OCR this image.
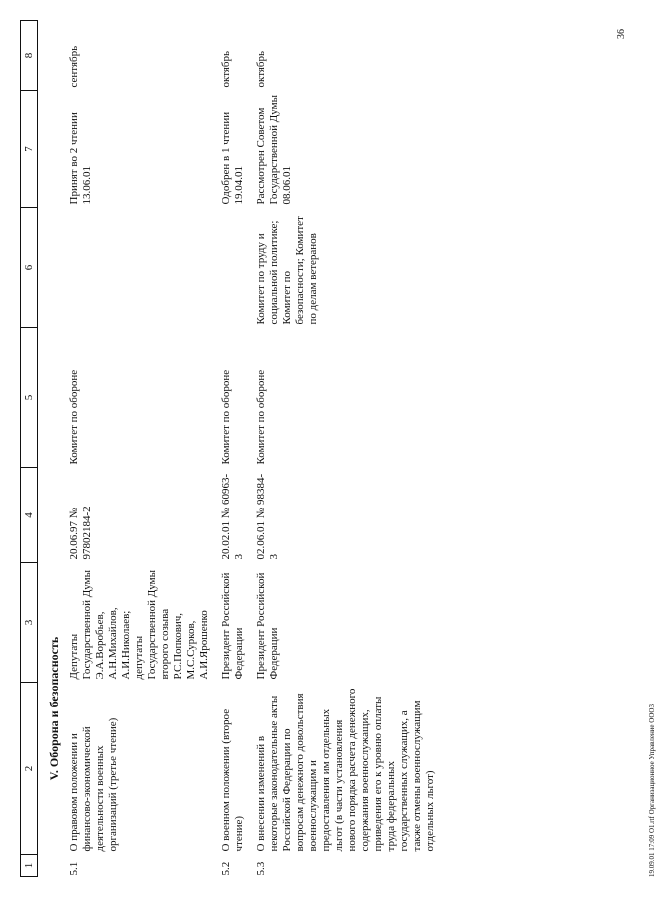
1	2	3	4	5	6	7	8
	V. Оборона и безопасность						
5.1	О правовом положении и финансово-экономической деятельности военных организаций (третье чтение)	Депутаты Государственной Думы Э.А.Воробьев, А.Н.Михайлов, А.И.Николаев; депутаты Государственной Думы второго созыва Р.С.Попкович, М.С.Сурков, А.И.Ярошенко	20.06.97 № 97802184-2	Комитет по обороне		Принят во 2 чтении 13.06.01	сентябрь
5.2	О военном положении (второе чтение)	Президент Российской Федерации	20.02.01 № 60963-3	Комитет по обороне		Одобрен в 1 чтении 19.04.01	октябрь
5.3	О внесении изменений в некоторые законодательные акты Российской Федерации по вопросам денежного довольствия военнослужащим и предоставления им отдельных льгот (в части установления нового порядка расчета денежного содержания военнослужащих, приведения его к уровню оплаты труда федеральных государственных служащих, а также отмены военнослужащим отдельных льгот)	Президент Российской Федерации	02.06.01 № 98384-3	Комитет по обороне	Комитет по труду и социальной политике; Комитет по безопасности; Комитет по делам ветеранов	Рассмотрен Советом Государственной Думы 08.06.01	октябрь
36
19.09.01 17:09 О1.rtf Организационное Управление ООО3
